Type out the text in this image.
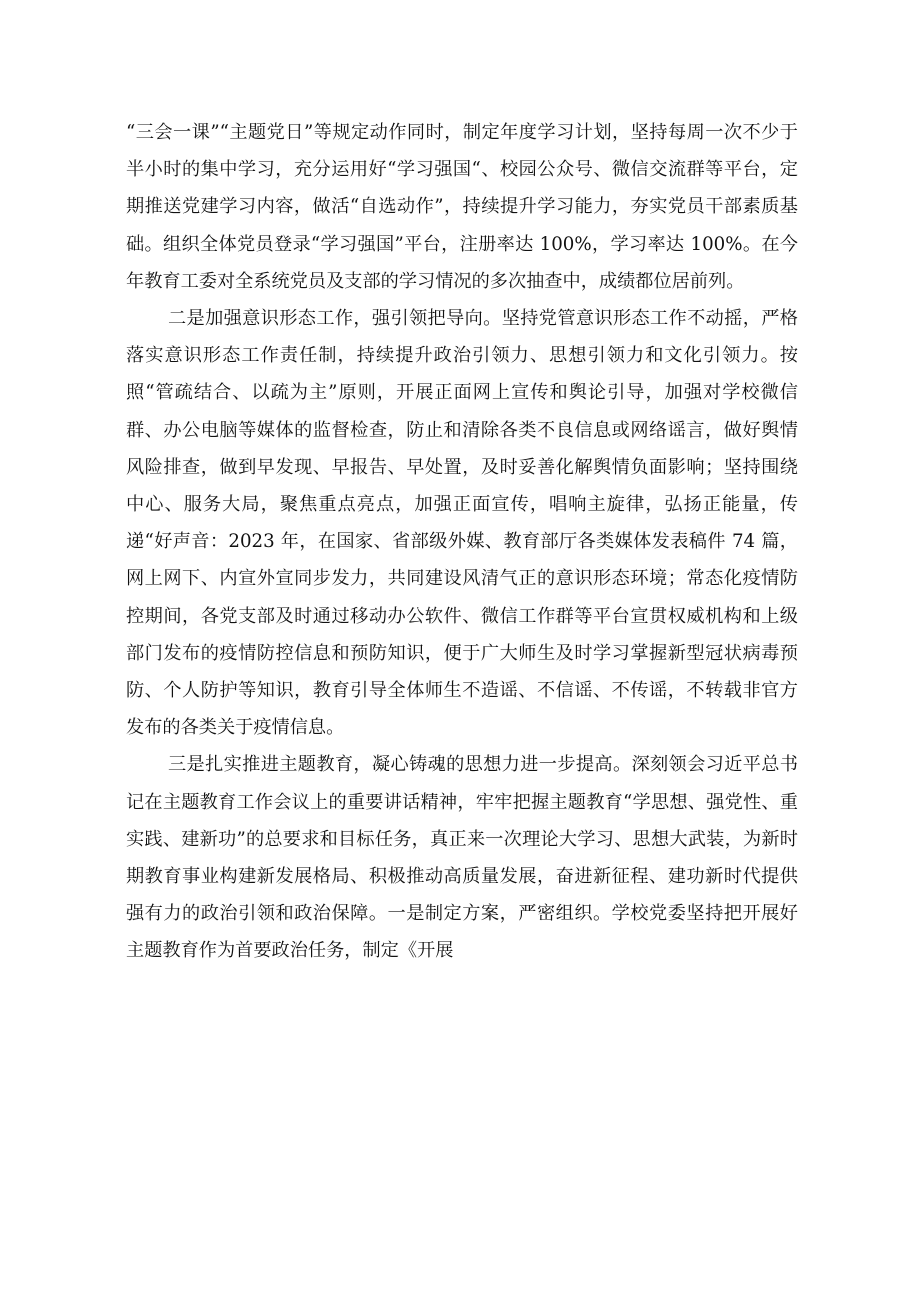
“三会一课”“主题党日”等规定动作同时，制定年度学习计划，坚持每周一次不少于半小时的集中学习，充分运用好“学习强国“、校园公众号、微信交流群等平台，定期推送党建学习内容，做活“自选动作”，持续提升学习能力，夯实党员干部素质基础。组织全体党员登录“学习强国”平台，注册率达 100%，学习率达 100%。在今年教育工委对全系统党员及支部的学习情况的多次抽查中，成绩都位居前列。

二是加强意识形态工作，强引领把导向。坚持党管意识形态工作不动摇，严格落实意识形态工作责任制，持续提升政治引领力、思想引领力和文化引领力。按照“管疏结合、以疏为主”原则，开展正面网上宣传和舆论引导，加强对学校微信群、办公电脑等媒体的监督检查，防止和清除各类不良信息或网络谣言，做好舆情风险排查，做到早发现、早报告、早处置，及时妥善化解舆情负面影响；坚持围绕中心、服务大局，聚焦重点亮点，加强正面宣传，唱响主旋律，弘扬正能量，传递“好声音：2023 年，在国家、省部级外媒、教育部厅各类媒体发表稿件 74 篇，网上网下、内宣外宣同步发力，共同建设风清气正的意识形态环境；常态化疫情防控期间，各党支部及时通过移动办公软件、微信工作群等平台宣贯权威机构和上级部门发布的疫情防控信息和预防知识，便于广大师生及时学习掌握新型冠状病毒预防、个人防护等知识，教育引导全体师生不造谣、不信谣、不传谣，不转载非官方发布的各类关于疫情信息。

三是扎实推进主题教育，凝心铸魂的思想力进一步提高。深刻领会习近平总书记在主题教育工作会议上的重要讲话精神，牢牢把握主题教育“学思想、强党性、重实践、建新功”的总要求和目标任务，真正来一次理论大学习、思想大武装，为新时期教育事业构建新发展格局、积极推动高质量发展，奋进新征程、建功新时代提供强有力的政治引领和政治保障。一是制定方案，严密组织。学校党委坚持把开展好主题教育作为首要政治任务，制定《开展
